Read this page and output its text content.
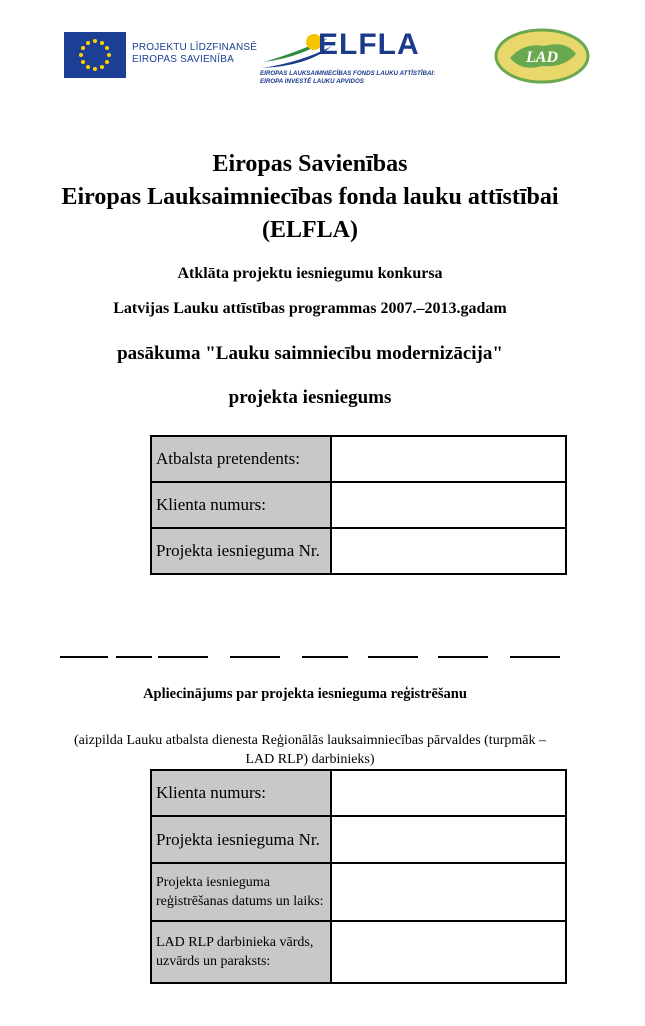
PROJEKTU LĪDZFINANSĒ
EIROPAS SAVIENĪBA	ELFLA
EIROPAS LAUKSAIMNIECĪBAS FONDS LAUKU ATTĪSTĪBAI:
EIROPA INVESTĒ LAUKU APVIDOS
LAD
Eiropas Savienības
Eiropas Lauksaimniecības fonda lauku attīstībai
(ELFLA)
Atklāta projektu iesniegumu konkursa
Latvijas Lauku attīstības programmas 2007.–2013.gadam
pasākuma "Lauku saimniecību modernizācija"
projekta iesniegums
Atbalsta pretendents:	
Klienta numurs:	
Projekta iesnieguma Nr.	
Apliecinājums par projekta iesnieguma reģistrēšanu
(aizpilda Lauku atbalsta dienesta Reģionālās lauksaimniecības pārvaldes (turpmāk – LAD RLP) darbinieks)
Klienta numurs:	
Projekta iesnieguma Nr.	
Projekta iesnieguma reģistrēšanas datums un laiks:	
LAD RLP darbinieka vārds, uzvārds un paraksts:	
